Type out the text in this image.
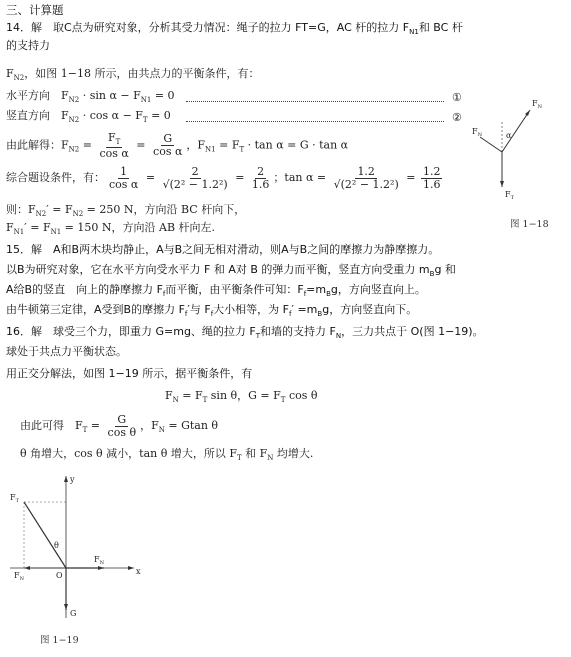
三、计算题
14．解　取C点为研究对象，分析其受力情况：绳子的拉力 FT=G，AC 杆的拉力 $F_{N1}$和 BC 杆
的支持力
$F_{N2}$，如图 1−18 所示，由共点力的平衡条件，有：
水平方向　 $F_{N2} \cdot \sin \alpha - F_{N1} = 0$	①
竖直方向　 $F_{N2} \cdot \cos \alpha - F_T = 0$	②
由此解得：$F_{N2} = \frac{F_T}{\text{cos α}} = \frac{G}{\text{cos α}}$ ，$F_{N1} = F_T \cdot \tan \alpha = G \cdot \tan \alpha$
综合题设条件，有： $\frac{1}{\text{cos α}} = \frac{2}{\text{√(2² − 1.2²)}} = \frac{2}{1.6}$ ；$\tan \alpha = \frac{1.2}{\text{√(2² − 1.2²)}} = \frac{1.2}{1.6}$
则：$F_{N2}' = F_{N2} = 250$ N，方向沿 BC 杆向下，
$F_{N1}' = F_{N1} = 150$ N，方向沿 AB 杆向左.
$F_N$
α
$F_T$
$F_N$
图 1−18
15．解　A和B两木块均静止，A与B之间无相对滑动，则A与B之间的摩擦力为静摩擦力。
以B为研究对象，它在水平方向受水平力 F 和 A对 B 的弹力而平衡，竖直方向受重力 $m_Bg$ 和
A给B的竖直　向上的静摩擦力 $F_f$而平衡，由平衡条件可知：$F_f=m_Bg$，方向竖直向上。
由牛顿第三定律，A受到B的摩擦力 $F_f'$与 $F_f$大小相等，为 $F_f' =m_Bg$，方向竖直向下。
16．解　球受三个力，即重力 G=mg、绳的拉力 $F_T$和墙的支持力 $F_N$，三力共点于 O(图 1−19)。
球处于共点力平衡状态。
用正交分解法，如图 1−19 所示，据平衡条件，有
$F_N = F_T$ sin θ，$G = F_T$ cos θ
由此可得　$F_T = \frac{G}{\text{cos θ}}$ ，$F_N = Gtan$ θ
θ 角增大，cos θ 减小，tan θ 增大，所以 $F_T$ 和 $F_N$ 均增大.
$F_T$
θ
$F_N$
$F_N$	O
G
y
x
图 1−19
